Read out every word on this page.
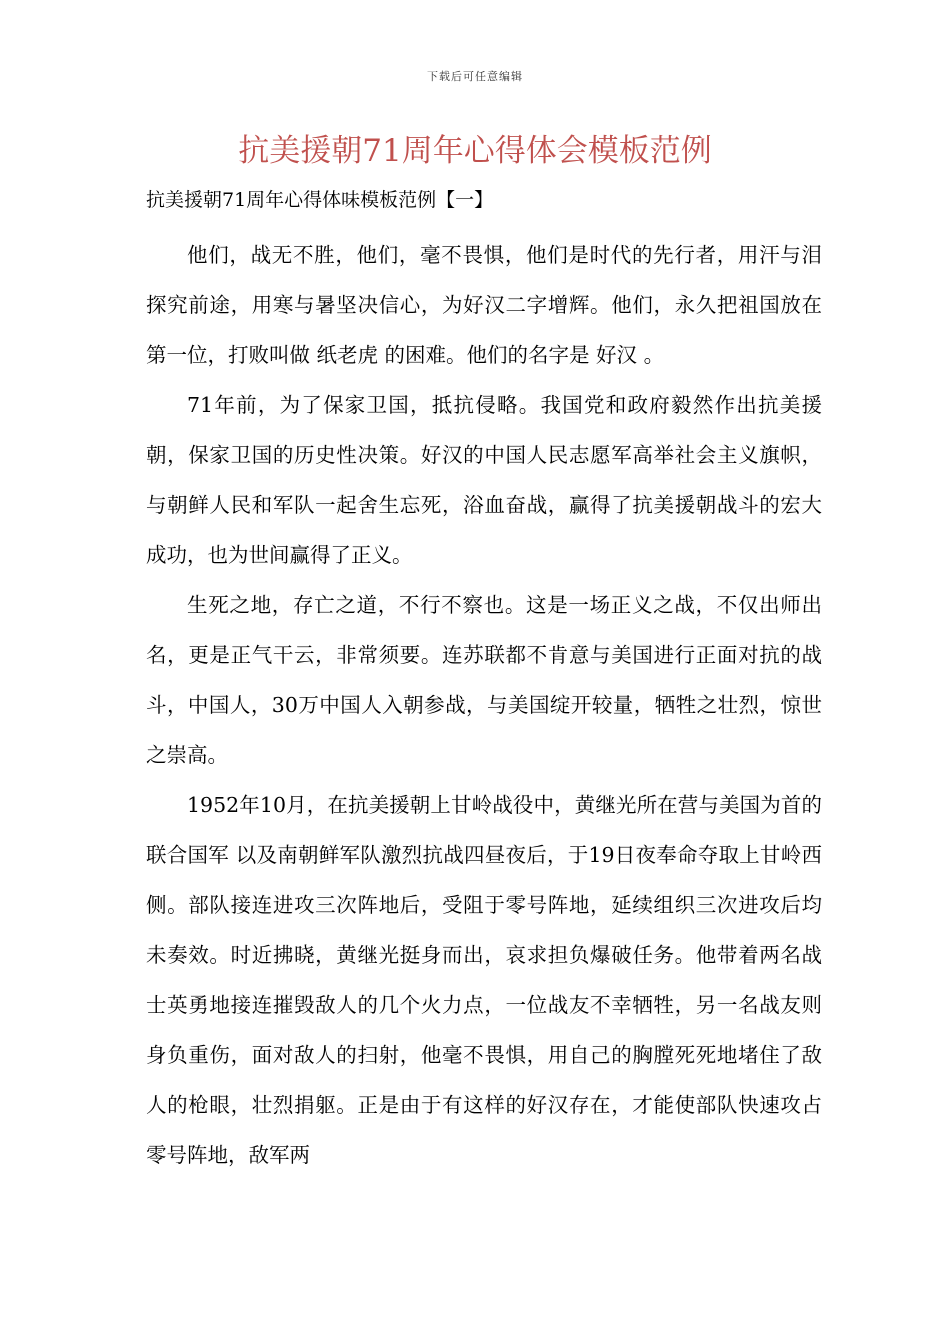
下载后可任意编辑
抗美援朝71周年心得体会模板范例

抗美援朝71周年心得体味模板范例【一】

他们，战无不胜，他们，毫不畏惧，他们是时代的先行者，用汗与泪探究前途，用寒与暑坚决信心，为好汉二字增辉。他们，永久把祖国放在第一位，打败叫做 纸老虎 的困难。他们的名字是 好汉 。

71年前，为了保家卫国，抵抗侵略。我国党和政府毅然作出抗美援朝，保家卫国的历史性决策。好汉的中国人民志愿军高举社会主义旗帜，与朝鲜人民和军队一起舍生忘死，浴血奋战，赢得了抗美援朝战斗的宏大成功，也为世间赢得了正义。

生死之地，存亡之道，不行不察也。这是一场正义之战，不仅出师出名，更是正气干云，非常须要。连苏联都不肯意与美国进行正面对抗的战斗，中国人，30万中国人入朝参战，与美国绽开较量，牺牲之壮烈，惊世之崇高。

1952年10月，在抗美援朝上甘岭战役中，黄继光所在营与美国为首的 联合国军 以及南朝鲜军队激烈抗战四昼夜后，于19日夜奉命夺取上甘岭西侧。部队接连进攻三次阵地后，受阻于零号阵地，延续组织三次进攻后均未奏效。时近拂晓，黄继光挺身而出，哀求担负爆破任务。他带着两名战士英勇地接连摧毁敌人的几个火力点，一位战友不幸牺牲，另一名战友则身负重伤，面对敌人的扫射，他毫不畏惧，用自己的胸膛死死地堵住了敌人的枪眼，壮烈捐躯。正是由于有这样的好汉存在，才能使部队快速攻占零号阵地，敌军两
